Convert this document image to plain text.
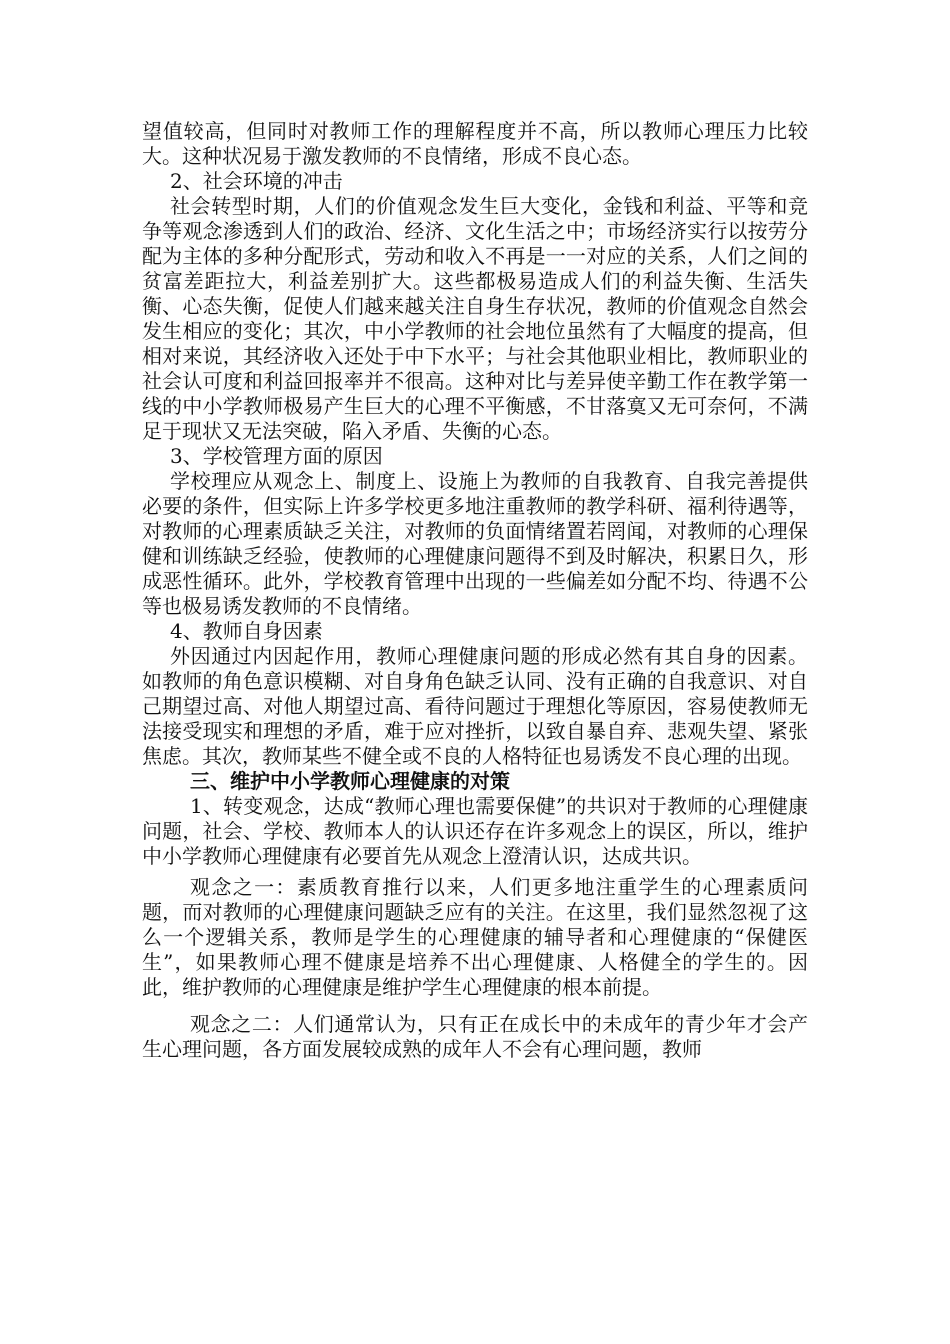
望值较高，但同时对教师工作的理解程度并不高，所以教师心理压力比较大。这种状况易于激发教师的不良情绪，形成不良心态。

2、社会环境的冲击

社会转型时期，人们的价值观念发生巨大变化，金钱和利益、平等和竞争等观念渗透到人们的政治、经济、文化生活之中；市场经济实行以按劳分配为主体的多种分配形式，劳动和收入不再是一一对应的关系，人们之间的贫富差距拉大，利益差别扩大。这些都极易造成人们的利益失衡、生活失衡、心态失衡，促使人们越来越关注自身生存状况，教师的价值观念自然会发生相应的变化；其次，中小学教师的社会地位虽然有了大幅度的提高，但相对来说，其经济收入还处于中下水平；与社会其他职业相比，教师职业的社会认可度和利益回报率并不很高。这种对比与差异使辛勤工作在教学第一线的中小学教师极易产生巨大的心理不平衡感，不甘落寞又无可奈何，不满足于现状又无法突破，陷入矛盾、失衡的心态。

3、学校管理方面的原因

学校理应从观念上、制度上、设施上为教师的自我教育、自我完善提供必要的条件，但实际上许多学校更多地注重教师的教学科研、福利待遇等，对教师的心理素质缺乏关注，对教师的负面情绪置若罔闻，对教师的心理保健和训练缺乏经验，使教师的心理健康问题得不到及时解决，积累日久，形成恶性循环。此外，学校教育管理中出现的一些偏差如分配不均、待遇不公等也极易诱发教师的不良情绪。

4、教师自身因素

外因通过内因起作用，教师心理健康问题的形成必然有其自身的因素。如教师的角色意识模糊、对自身角色缺乏认同、没有正确的自我意识、对自己期望过高、对他人期望过高、看待问题过于理想化等原因，容易使教师无法接受现实和理想的矛盾，难于应对挫折，以致自暴自弃、悲观失望、紧张焦虑。其次，教师某些不健全或不良的人格特征也易诱发不良心理的出现。

三、维护中小学教师心理健康的对策

1、转变观念，达成“教师心理也需要保健”的共识对于教师的心理健康问题，社会、学校、教师本人的认识还存在许多观念上的误区，所以，维护中小学教师心理健康有必要首先从观念上澄清认识，达成共识。

观念之一：素质教育推行以来，人们更多地注重学生的心理素质问题，而对教师的心理健康问题缺乏应有的关注。在这里，我们显然忽视了这么一个逻辑关系，教师是学生的心理健康的辅导者和心理健康的“保健医生”，如果教师心理不健康是培养不出心理健康、人格健全的学生的。因此，维护教师的心理健康是维护学生心理健康的根本前提。

观念之二：人们通常认为，只有正在成长中的未成年的青少年才会产生心理问题，各方面发展较成熟的成年人不会有心理问题，教师
